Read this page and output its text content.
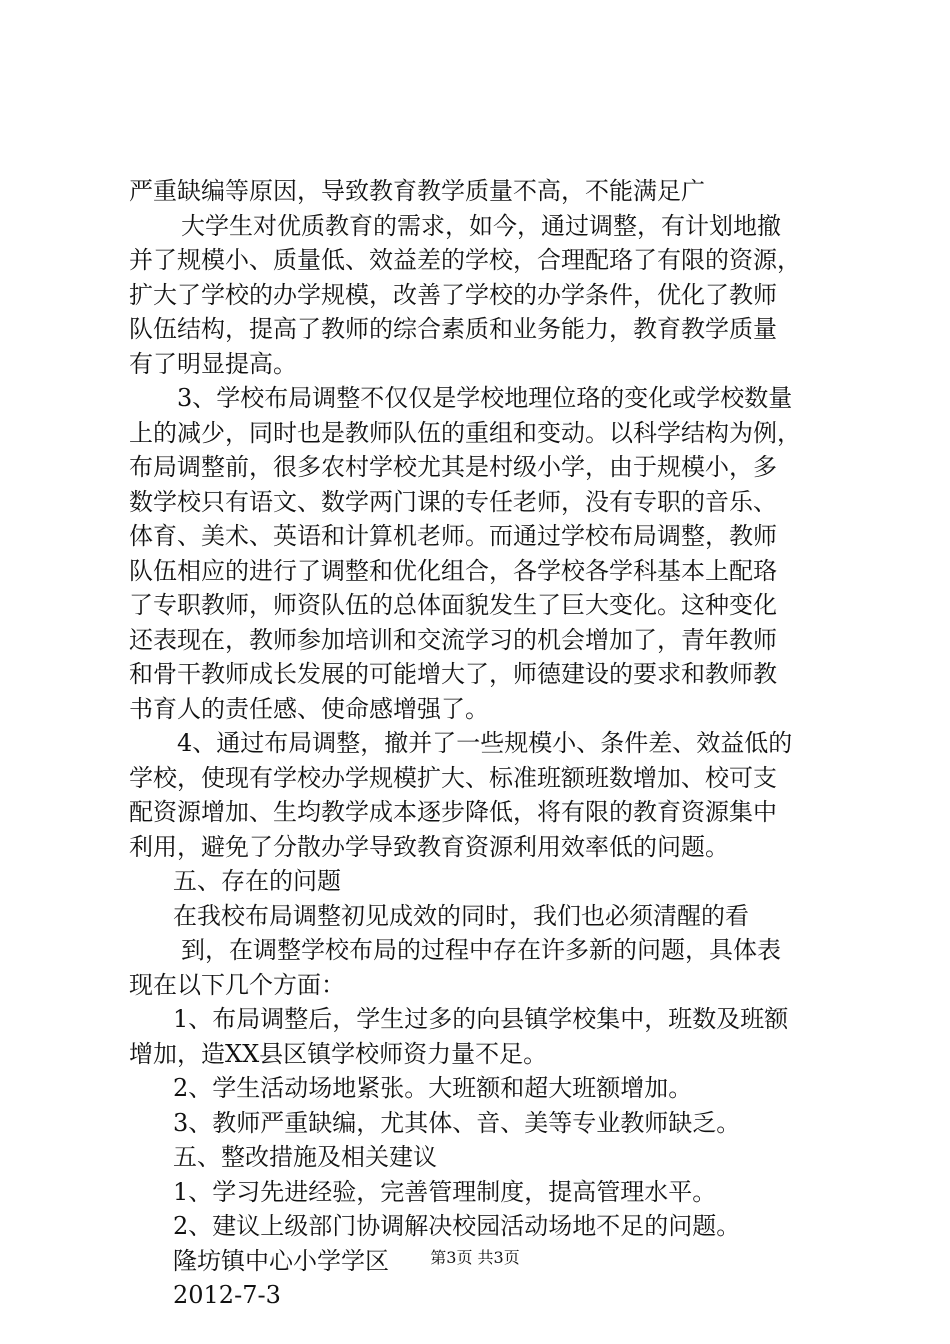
严重缺编等原因，导致教育教学质量不高，不能满足广
大学生对优质教育的需求，如今，通过调整，有计划地撤
并了规模小、质量低、效益差的学校，合理配珞了有限的资源，
扩大了学校的办学规模，改善了学校的办学条件，优化了教师
队伍结构，提高了教师的综合素质和业务能力，教育教学质量
有了明显提高。
3、学校布局调整不仅仅是学校地理位珞的变化或学校数量
上的减少，同时也是教师队伍的重组和变动。以科学结构为例，
布局调整前，很多农村学校尤其是村级小学，由于规模小，多
数学校只有语文、数学两门课的专任老师，没有专职的音乐、
体育、美术、英语和计算机老师。而通过学校布局调整，教师
队伍相应的进行了调整和优化组合，各学校各学科基本上配珞
了专职教师，师资队伍的总体面貌发生了巨大变化。这种变化
还表现在，教师参加培训和交流学习的机会增加了，青年教师
和骨干教师成长发展的可能增大了，师德建设的要求和教师教
书育人的责任感、使命感增强了。
4、通过布局调整，撤并了一些规模小、条件差、效益低的
学校，使现有学校办学规模扩大、标准班额班数增加、校可支
配资源增加、生均教学成本逐步降低，将有限的教育资源集中
利用，避免了分散办学导致教育资源利用效率低的问题。
五、存在的问题
在我校布局调整初见成效的同时，我们也必须清醒的看
到，在调整学校布局的过程中存在许多新的问题，具体表
现在以下几个方面：
1、布局调整后，学生过多的向县镇学校集中，班数及班额
增加，造XX县区镇学校师资力量不足。
2、学生活动场地紧张。大班额和超大班额增加。
3、教师严重缺编，尤其体、音、美等专业教师缺乏。
五、整改措施及相关建议
1、学习先进经验，完善管理制度，提高管理水平。
2、建议上级部门协调解决校园活动场地不足的问题。
隆坊镇中心小学学区
2012-7-3
第3页 共3页
